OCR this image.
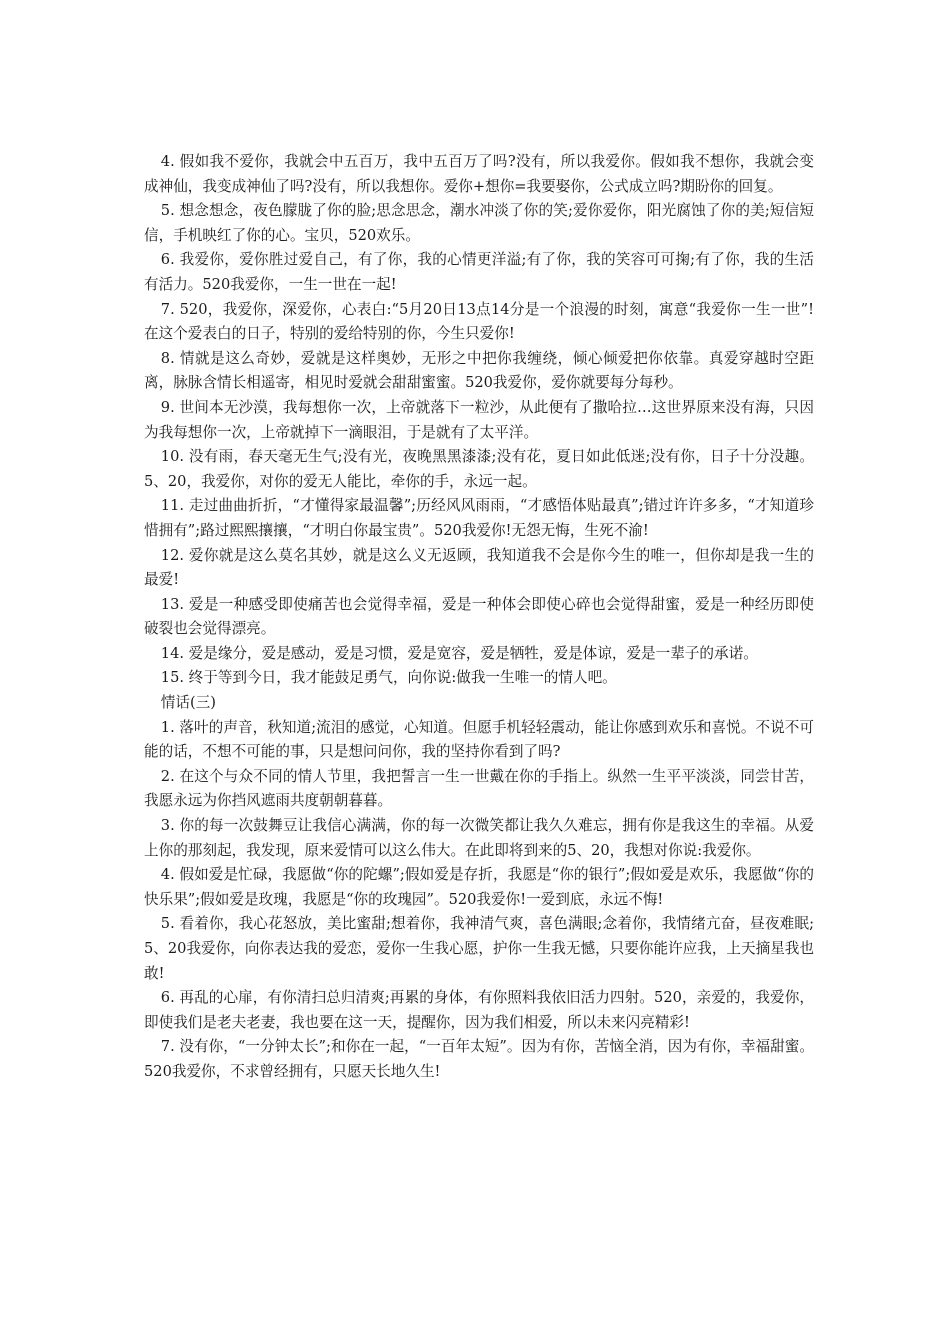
4. 假如我不爱你，我就会中五百万，我中五百万了吗?没有，所以我爱你。假如我不想你，我就会变成神仙，我变成神仙了吗?没有，所以我想你。爱你+想你=我要娶你，公式成立吗?期盼你的回复。

5. 想念想念，夜色朦胧了你的脸;思念思念，潮水冲淡了你的笑;爱你爱你，阳光腐蚀了你的美;短信短信，手机映红了你的心。宝贝，520欢乐。

6. 我爱你，爱你胜过爱自己，有了你，我的心情更洋溢;有了你，我的笑容可可掬;有了你，我的生活有活力。520我爱你，一生一世在一起!

7. 520，我爱你，深爱你，心表白:“5月20日13点14分是一个浪漫的时刻，寓意“我爱你一生一世”!在这个爱表白的日子，特别的爱给特别的你，今生只爱你!

8. 情就是这么奇妙，爱就是这样奥妙，无形之中把你我缠绕，倾心倾爱把你依靠。真爱穿越时空距离，脉脉含情长相遥寄，相见时爱就会甜甜蜜蜜。520我爱你，爱你就要每分每秒。

9. 世间本无沙漠，我每想你一次，上帝就落下一粒沙，从此便有了撒哈拉…这世界原来没有海，只因为我每想你一次，上帝就掉下一滴眼泪，于是就有了太平洋。

10. 没有雨，春天毫无生气;没有光，夜晚黑黑漆漆;没有花，夏日如此低迷;没有你，日子十分没趣。5、20，我爱你，对你的爱无人能比，牵你的手，永远一起。

11. 走过曲曲折折，“才懂得家最温馨”;历经风风雨雨，“才感悟体贴最真”;错过许许多多，“才知道珍惜拥有”;路过熙熙攘攘，“才明白你最宝贵”。520我爱你!无怨无悔，生死不渝!

12. 爱你就是这么莫名其妙，就是这么义无返顾，我知道我不会是你今生的唯一，但你却是我一生的最爱!

13. 爱是一种感受即使痛苦也会觉得幸福，爱是一种体会即使心碎也会觉得甜蜜，爱是一种经历即使破裂也会觉得漂亮。

14. 爱是缘分，爱是感动，爱是习惯，爱是宽容，爱是牺牲，爱是体谅，爱是一辈子的承诺。

15. 终于等到今日，我才能鼓足勇气，向你说:做我一生唯一的情人吧。

情话(三)

1. 落叶的声音，秋知道;流泪的感觉，心知道。但愿手机轻轻震动，能让你感到欢乐和喜悦。不说不可能的话，不想不可能的事，只是想问问你，我的坚持你看到了吗?

2. 在这个与众不同的情人节里，我把誓言一生一世戴在你的手指上。纵然一生平平淡淡，同尝甘苦，我愿永远为你挡风遮雨共度朝朝暮暮。

3. 你的每一次鼓舞豆让我信心满满，你的每一次微笑都让我久久难忘，拥有你是我这生的幸福。从爱上你的那刻起，我发现，原来爱情可以这么伟大。在此即将到来的5、20，我想对你说:我爱你。

4. 假如爱是忙碌，我愿做“你的陀螺”;假如爱是存折，我愿是“你的银行”;假如爱是欢乐，我愿做“你的快乐果”;假如爱是玫瑰，我愿是“你的玫瑰园”。520我爱你!一爱到底，永远不悔!

5. 看着你，我心花怒放，美比蜜甜;想着你，我神清气爽，喜色满眼;念着你，我情绪亢奋，昼夜难眠;5、20我爱你，向你表达我的爱恋，爱你一生我心愿，护你一生我无憾，只要你能许应我，上天摘星我也敢!

6. 再乱的心扉，有你清扫总归清爽;再累的身体，有你照料我依旧活力四射。520，亲爱的，我爱你，即使我们是老夫老妻，我也要在这一天，提醒你，因为我们相爱，所以未来闪亮精彩!

7. 没有你，“一分钟太长”;和你在一起，“一百年太短”。因为有你，苦恼全消，因为有你，幸福甜蜜。520我爱你，不求曾经拥有，只愿天长地久生!
